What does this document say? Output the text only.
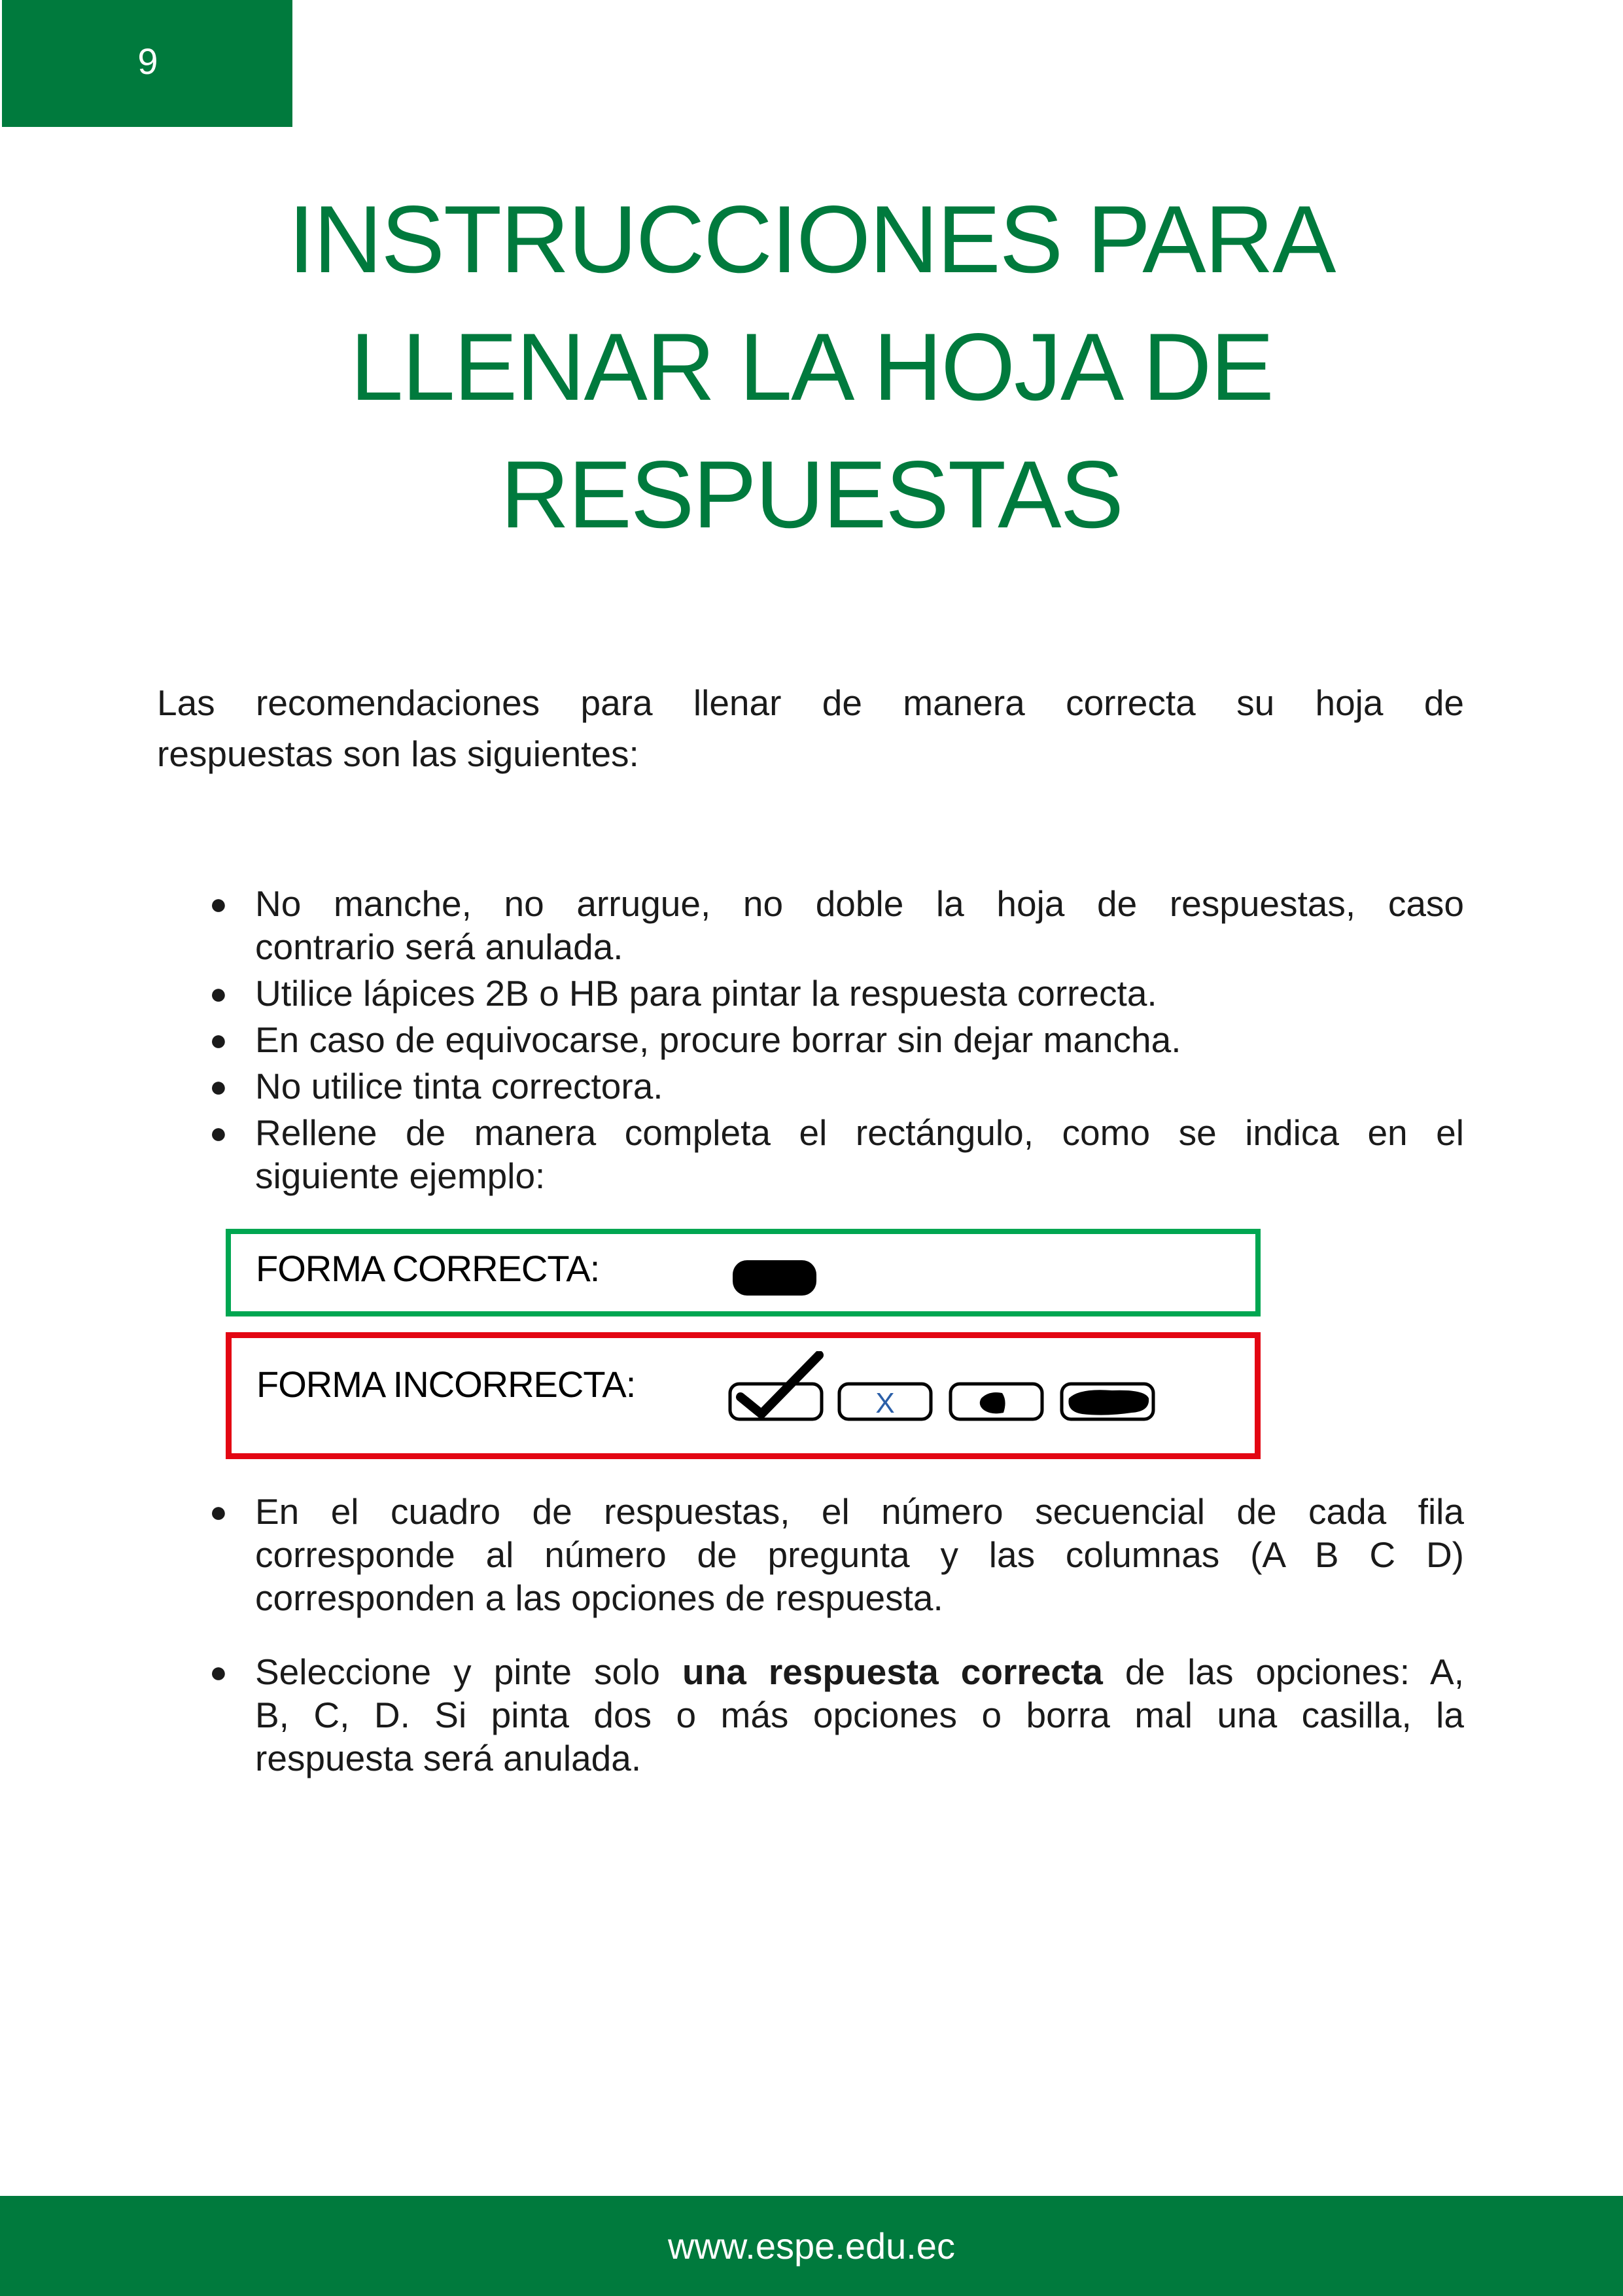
9
INSTRUCCIONES PARA
LLENAR LA HOJA DE
RESPUESTAS
Las recomendaciones para llenar de manera correcta su hoja de
respuestas son las siguientes:
● No manche, no arrugue, no doble la hoja de respuestas, caso
contrario será anulada.
● Utilice lápices 2B o HB para pintar la respuesta correcta.
● En caso de equivocarse, procure borrar sin dejar mancha.
● No utilice tinta correctora.
● Rellene de manera completa el rectángulo, como se indica en el
siguiente ejemplo:
FORMA CORRECTA:
FORMA INCORRECTA:	X
● En el cuadro de respuestas, el número secuencial de cada fila
corresponde al número de pregunta y las columnas (A B C D)
corresponden a las opciones de respuesta.
● Seleccione y pinte solo una respuesta correcta de las opciones: A,
B, C, D. Si pinta dos o más opciones o borra mal una casilla, la
respuesta será anulada.
www.espe.edu.ec
